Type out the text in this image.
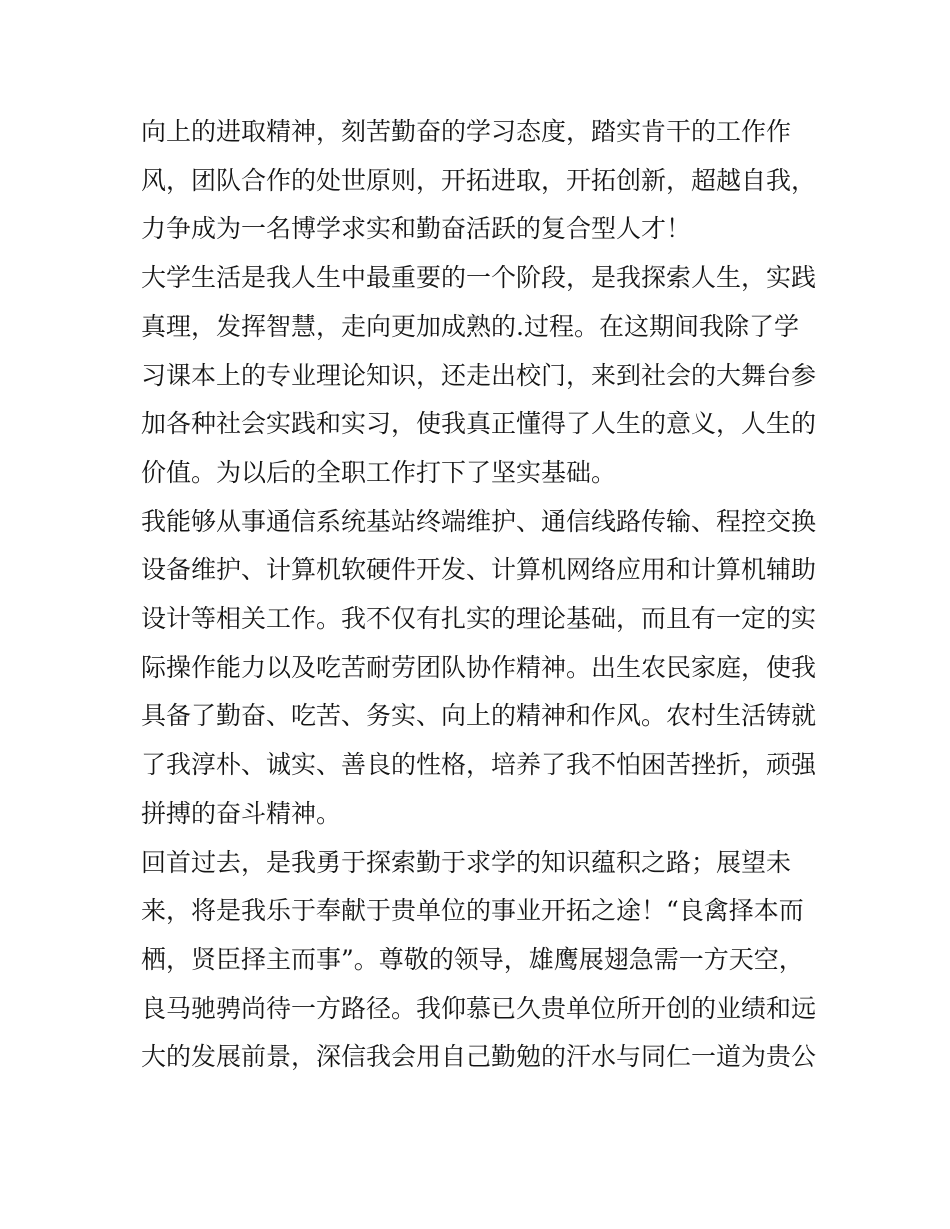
向上的进取精神，刻苦勤奋的学习态度，踏实肯干的工作作
风，团队合作的处世原则，开拓进取，开拓创新，超越自我，
力争成为一名博学求实和勤奋活跃的复合型人才！

大学生活是我人生中最重要的一个阶段，是我探索人生，实践
真理，发挥智慧，走向更加成熟的.过程。在这期间我除了学
习课本上的专业理论知识，还走出校门，来到社会的大舞台参
加各种社会实践和实习，使我真正懂得了人生的意义，人生的
价值。为以后的全职工作打下了坚实基础。

我能够从事通信系统基站终端维护、通信线路传输、程控交换
设备维护、计算机软硬件开发、计算机网络应用和计算机辅助
设计等相关工作。我不仅有扎实的理论基础，而且有一定的实
际操作能力以及吃苦耐劳团队协作精神。出生农民家庭，使我
具备了勤奋、吃苦、务实、向上的精神和作风。农村生活铸就
了我淳朴、诚实、善良的性格，培养了我不怕困苦挫折，顽强
拼搏的奋斗精神。

回首过去，是我勇于探索勤于求学的知识蕴积之路；展望未
来，将是我乐于奉献于贵单位的事业开拓之途！“良禽择本而
栖，贤臣择主而事”。尊敬的领导，雄鹰展翅急需一方天空，
良马驰骋尚待一方路径。我仰慕已久贵单位所开创的业绩和远
大的发展前景，深信我会用自己勤勉的汗水与同仁一道为贵公
